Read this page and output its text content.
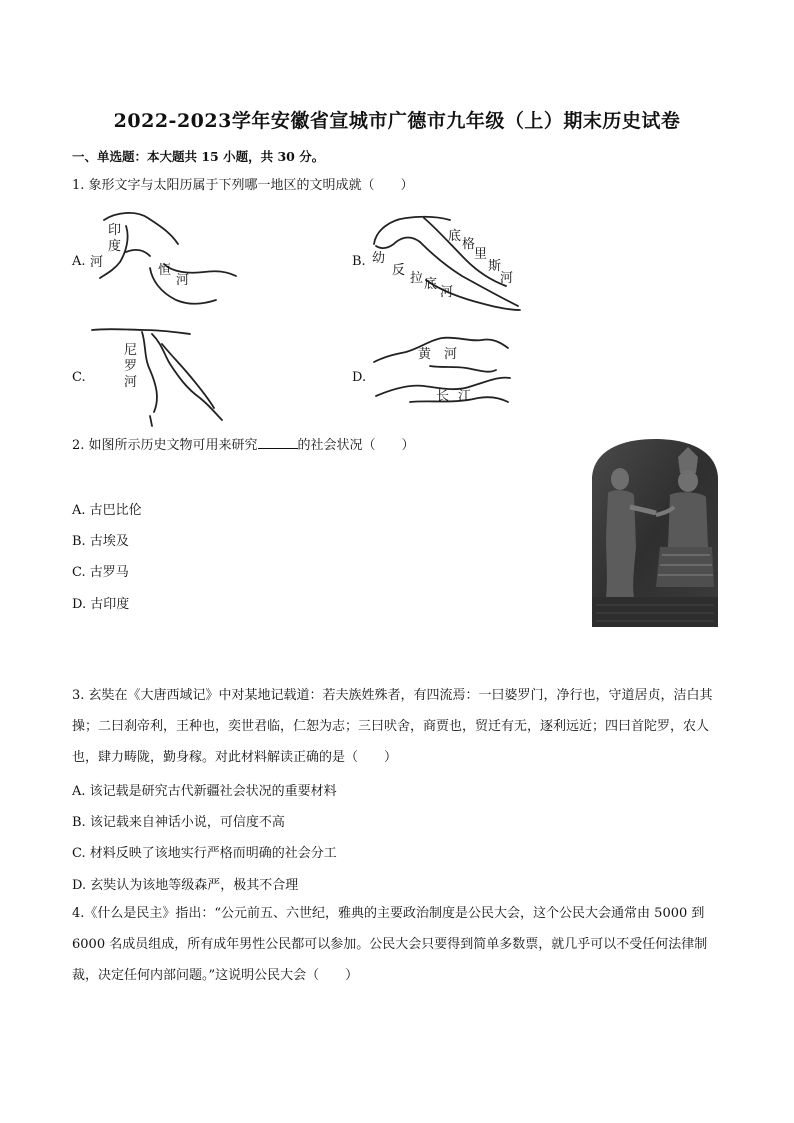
2022-2023学年安徽省宣城市广德市九年级（上）期末历史试卷
一、单选题：本大题共 15 小题，共 30 分。
1. 象形文字与太阳历属于下列哪一地区的文明成就（　　）
A.
印
度
河
恒
河
B.
底
格
里
斯
河
幼
反
拉 底
河
C.
尼
罗
河	D.
黄 河
长 江
2. 如图所示历史文物可用来研究	的社会状况（　　）
A. 古巴比伦
B. 古埃及
C. 古罗马
D. 古印度
3. 玄奘在《大唐西域记》中对某地记载道：若夫族姓殊者，有四流焉：一曰婆罗门，净行也，守道居贞，洁白其操；二曰刹帝利，王种也，奕世君临，仁恕为志；三曰吠舍，商贾也，贸迁有无，逐利远近；四曰首陀罗，农人也，肆力畴陇，勤身稼。对此材料解读正确的是（　　）
A. 该记载是研究古代新疆社会状况的重要材料
B. 该记载来自神话小说，可信度不高
C. 材料反映了该地实行严格而明确的社会分工
D. 玄奘认为该地等级森严，极其不合理
4.《什么是民主》指出：“公元前五、六世纪，雅典的主要政治制度是公民大会，这个公民大会通常由 5000 到 6000 名成员组成，所有成年男性公民都可以参加。公民大会只要得到简单多数票，就几乎可以不受任何法律制裁，决定任何内部问题。”这说明公民大会（　　）
